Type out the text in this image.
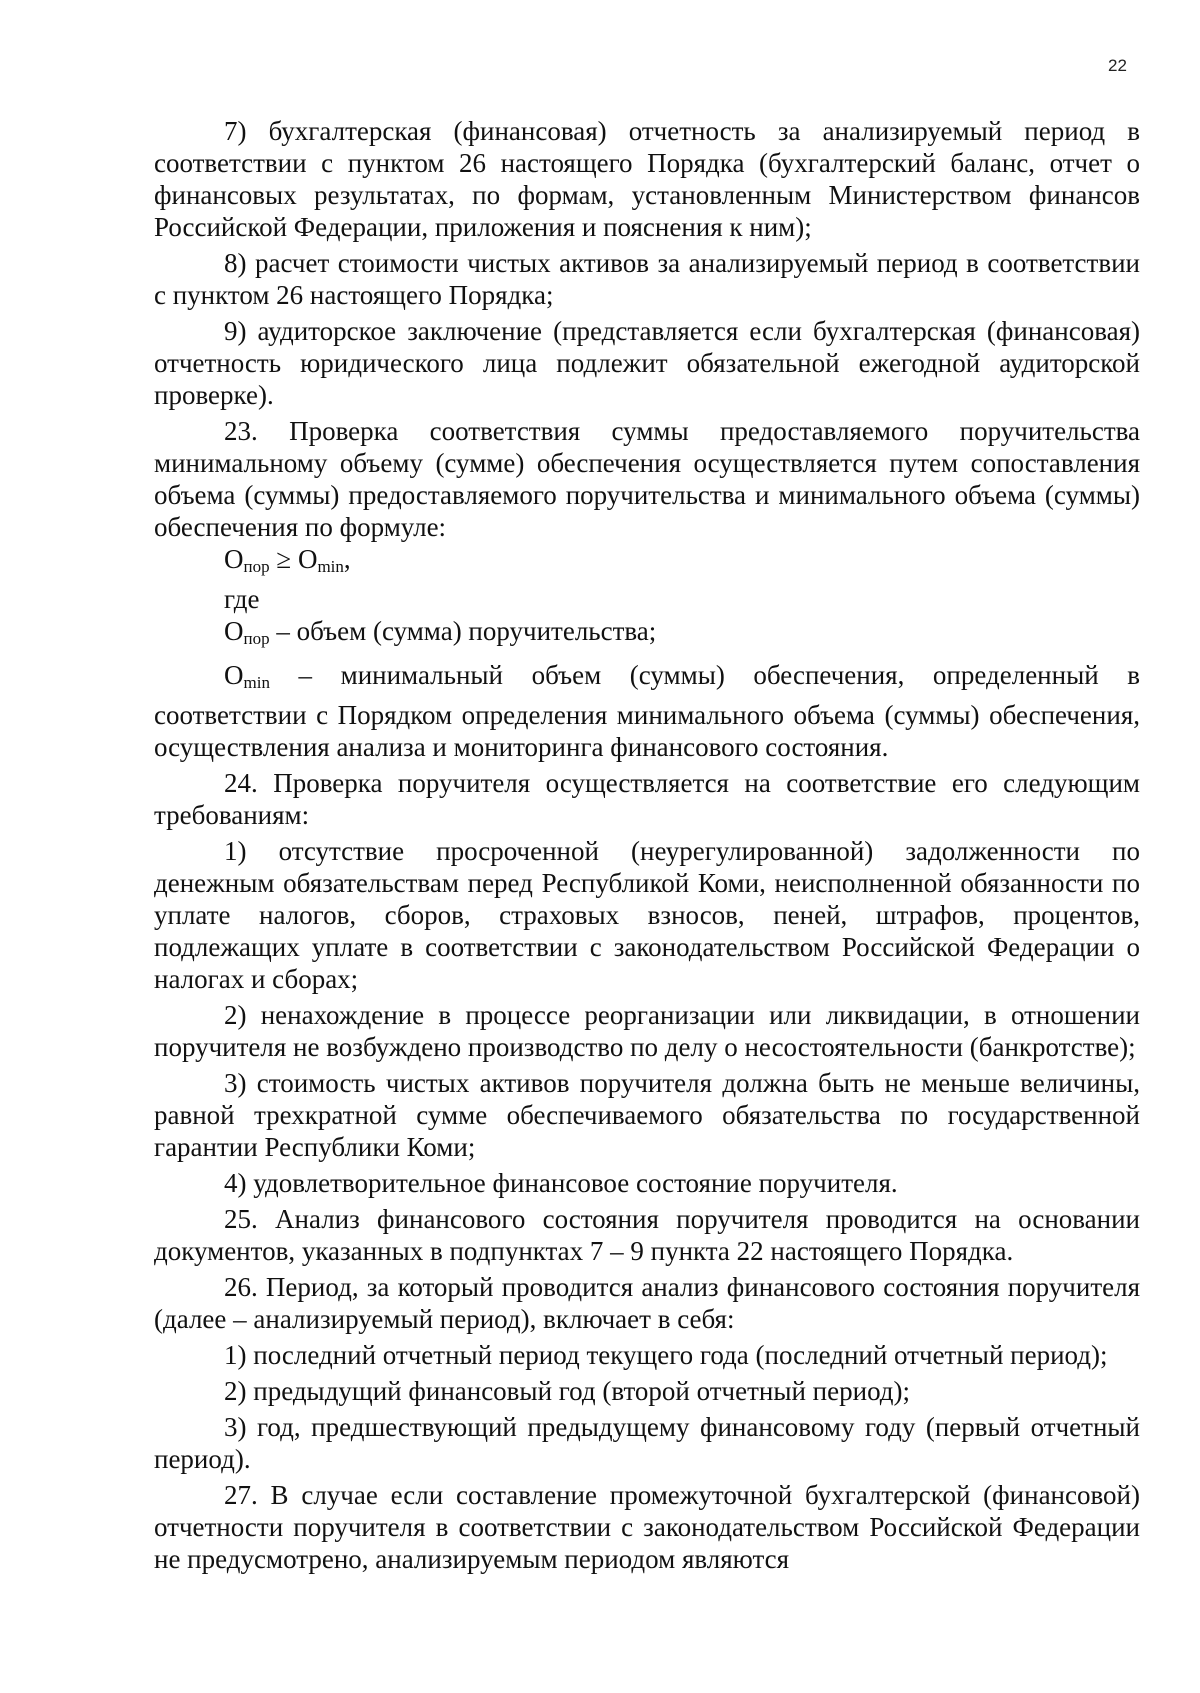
22

7) бухгалтерская (финансовая) отчетность за анализируемый период в соответствии с пунктом 26 настоящего Порядка (бухгалтерский баланс, отчет о финансовых результатах, по формам, установленным Министерством финансов Российской Федерации, приложения и пояснения к ним);

8) расчет стоимости чистых активов за анализируемый период в соответствии с пунктом 26 настоящего Порядка;

9) аудиторское заключение (представляется если бухгалтерская (финансовая) отчетность юридического лица подлежит обязательной ежегодной аудиторской проверке).

23. Проверка соответствия суммы предоставляемого поручительства минимальному объему (сумме) обеспечения осуществляется путем сопоставления объема (суммы) предоставляемого поручительства и минимального объема (суммы) обеспечения по формуле:

$O_{пор} \ge O_{min}$,

где

$O_{пор}$ – объем (сумма) поручительства;

$O_{min}$ – минимальный объем (суммы) обеспечения, определенный в соответствии с Порядком определения минимального объема (суммы) обеспечения, осуществления анализа и мониторинга финансового состояния.

24. Проверка поручителя осуществляется на соответствие его следующим требованиям:

1) отсутствие просроченной (неурегулированной) задолженности по денежным обязательствам перед Республикой Коми, неисполненной обязанности по уплате налогов, сборов, страховых взносов, пеней, штрафов, процентов, подлежащих уплате в соответствии с законодательством Российской Федерации о налогах и сборах;

2) ненахождение в процессе реорганизации или ликвидации, в отношении поручителя не возбуждено производство по делу о несостоятельности (банкротстве);

3) стоимость чистых активов поручителя должна быть не меньше величины, равной трехкратной сумме обеспечиваемого обязательства по государственной гарантии Республики Коми;

4) удовлетворительное финансовое состояние поручителя.

25. Анализ финансового состояния поручителя проводится на основании документов, указанных в подпунктах 7 – 9 пункта 22 настоящего Порядка.

26. Период, за который проводится анализ финансового состояния поручителя (далее – анализируемый период), включает в себя:

1) последний отчетный период текущего года (последний отчетный период);

2) предыдущий финансовый год (второй отчетный период);

3) год, предшествующий предыдущему финансовому году (первый отчетный период).

27. В случае если составление промежуточной бухгалтерской (финансовой) отчетности поручителя в соответствии с законодательством Российской Федерации не предусмотрено, анализируемым периодом являются
